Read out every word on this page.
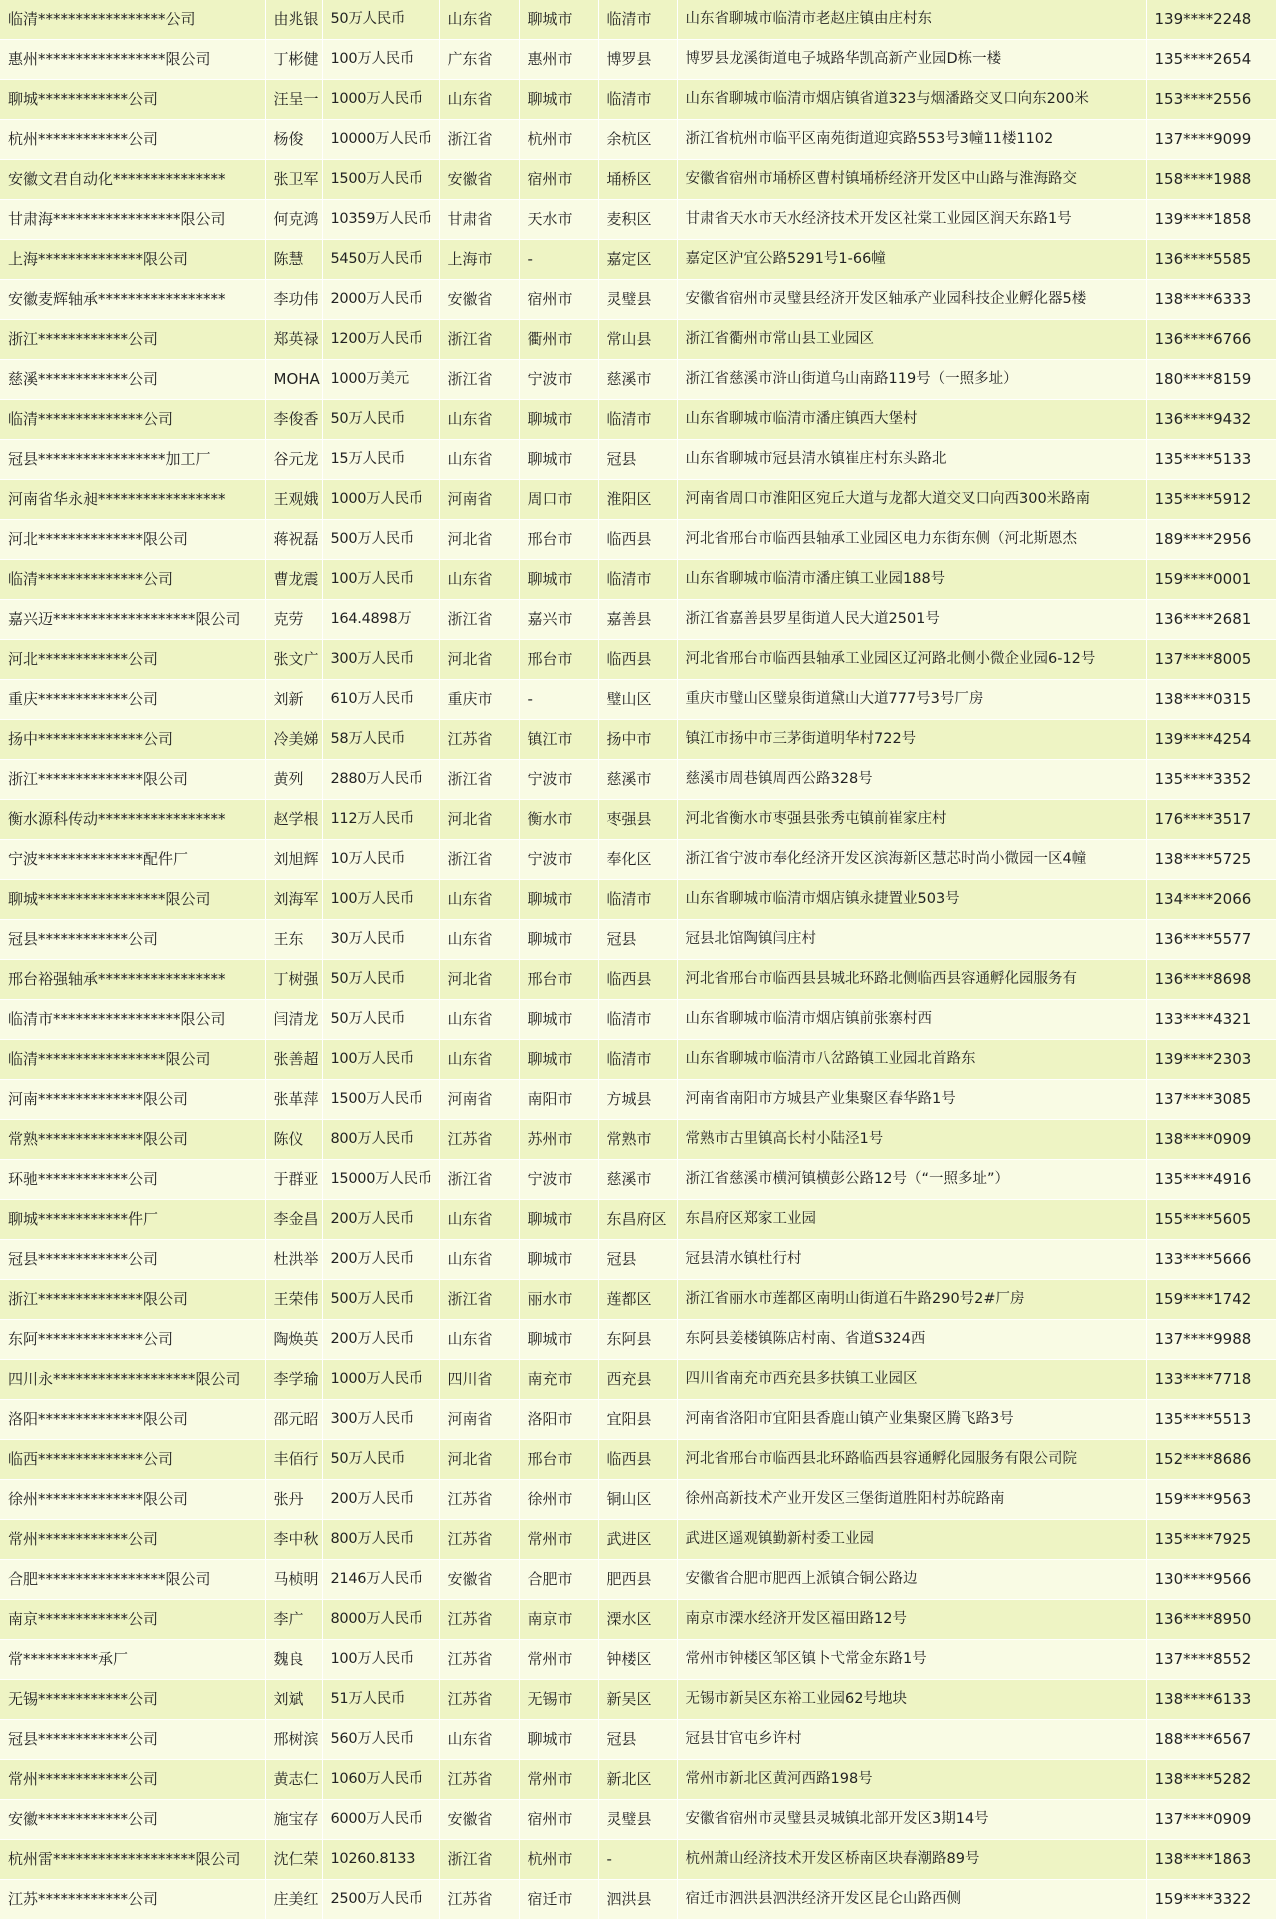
临清*****************公司	由兆银	50万人民币	山东省	聊城市	临清市	山东省聊城市临清市老赵庄镇由庄村东	139****2248
惠州*****************限公司	丁彬健	100万人民币	广东省	惠州市	博罗县	博罗县龙溪街道电子城路华凯高新产业园D栋一楼	135****2654
聊城************公司	汪呈一	1000万人民币	山东省	聊城市	临清市	山东省聊城市临清市烟店镇省道323与烟潘路交叉口向东200米	153****2556
杭州************公司	杨俊	10000万人民币	浙江省	杭州市	余杭区	浙江省杭州市临平区南苑街道迎宾路553号3幢11楼1102	137****9099
安徽文君自动化***************	张卫军	1500万人民币	安徽省	宿州市	埇桥区	安徽省宿州市埇桥区曹村镇埇桥经济开发区中山路与淮海路交	158****1988
甘肃海*****************限公司	何克鸿	10359万人民币	甘肃省	天水市	麦积区	甘肃省天水市天水经济技术开发区社棠工业园区润天东路1号	139****1858
上海**************限公司	陈慧	5450万人民币	上海市	-	嘉定区	嘉定区沪宜公路5291号1-66幢	136****5585
安徽麦辉轴承*****************	李功伟	2000万人民币	安徽省	宿州市	灵璧县	安徽省宿州市灵璧县经济开发区轴承产业园科技企业孵化器5楼	138****6333
浙江************公司	郑英禄	1200万人民币	浙江省	衢州市	常山县	浙江省衢州市常山县工业园区	136****6766
慈溪************公司	MOHA	1000万美元	浙江省	宁波市	慈溪市	浙江省慈溪市浒山街道乌山南路119号（一照多址）	180****8159
临清**************公司	李俊香	50万人民币	山东省	聊城市	临清市	山东省聊城市临清市潘庄镇西大堡村	136****9432
冠县*****************加工厂	谷元龙	15万人民币	山东省	聊城市	冠县	山东省聊城市冠县清水镇崔庄村东头路北	135****5133
河南省华永昶*****************	王观娥	1000万人民币	河南省	周口市	淮阳区	河南省周口市淮阳区宛丘大道与龙都大道交叉口向西300米路南	135****5912
河北**************限公司	蒋祝磊	500万人民币	河北省	邢台市	临西县	河北省邢台市临西县轴承工业园区电力东街东侧（河北斯恩杰	189****2956
临清**************公司	曹龙震	100万人民币	山东省	聊城市	临清市	山东省聊城市临清市潘庄镇工业园188号	159****0001
嘉兴迈*******************限公司	克劳	164.4898万	浙江省	嘉兴市	嘉善县	浙江省嘉善县罗星街道人民大道2501号	136****2681
河北************公司	张文广	300万人民币	河北省	邢台市	临西县	河北省邢台市临西县轴承工业园区辽河路北侧小微企业园6-12号	137****8005
重庆************公司	刘新	610万人民币	重庆市	-	璧山区	重庆市璧山区璧泉街道黛山大道777号3号厂房	138****0315
扬中**************公司	冷美娣	58万人民币	江苏省	镇江市	扬中市	镇江市扬中市三茅街道明华村722号	139****4254
浙江**************限公司	黄列	2880万人民币	浙江省	宁波市	慈溪市	慈溪市周巷镇周西公路328号	135****3352
衡水源科传动*****************	赵学根	112万人民币	河北省	衡水市	枣强县	河北省衡水市枣强县张秀屯镇前崔家庄村	176****3517
宁波**************配件厂	刘旭辉	10万人民币	浙江省	宁波市	奉化区	浙江省宁波市奉化经济开发区滨海新区慧芯时尚小微园一区4幢	138****5725
聊城*****************限公司	刘海军	100万人民币	山东省	聊城市	临清市	山东省聊城市临清市烟店镇永捷置业503号	134****2066
冠县************公司	王东	30万人民币	山东省	聊城市	冠县	冠县北馆陶镇闫庄村	136****5577
邢台裕强轴承*****************	丁树强	50万人民币	河北省	邢台市	临西县	河北省邢台市临西县县城北环路北侧临西县容通孵化园服务有	136****8698
临清市*****************限公司	闫清龙	50万人民币	山东省	聊城市	临清市	山东省聊城市临清市烟店镇前张寨村西	133****4321
临清*****************限公司	张善超	100万人民币	山东省	聊城市	临清市	山东省聊城市临清市八岔路镇工业园北首路东	139****2303
河南**************限公司	张革萍	1500万人民币	河南省	南阳市	方城县	河南省南阳市方城县产业集聚区春华路1号	137****3085
常熟**************限公司	陈仪	800万人民币	江苏省	苏州市	常熟市	常熟市古里镇高长村小陆泾1号	138****0909
环驰************公司	于群亚	15000万人民币	浙江省	宁波市	慈溪市	浙江省慈溪市横河镇横彭公路12号（“一照多址”）	135****4916
聊城************件厂	李金昌	200万人民币	山东省	聊城市	东昌府区	东昌府区郑家工业园	155****5605
冠县************公司	杜洪举	200万人民币	山东省	聊城市	冠县	冠县清水镇杜行村	133****5666
浙江**************限公司	王荣伟	500万人民币	浙江省	丽水市	莲都区	浙江省丽水市莲都区南明山街道石牛路290号2#厂房	159****1742
东阿**************公司	陶焕英	200万人民币	山东省	聊城市	东阿县	东阿县姜楼镇陈店村南、省道S324西	137****9988
四川永*******************限公司	李学瑜	1000万人民币	四川省	南充市	西充县	四川省南充市西充县多扶镇工业园区	133****7718
洛阳**************限公司	邵元昭	300万人民币	河南省	洛阳市	宜阳县	河南省洛阳市宜阳县香鹿山镇产业集聚区腾飞路3号	135****5513
临西**************公司	丰佰行	50万人民币	河北省	邢台市	临西县	河北省邢台市临西县北环路临西县容通孵化园服务有限公司院	152****8686
徐州**************限公司	张丹	200万人民币	江苏省	徐州市	铜山区	徐州高新技术产业开发区三堡街道胜阳村苏皖路南	159****9563
常州************公司	李中秋	800万人民币	江苏省	常州市	武进区	武进区遥观镇勤新村委工业园	135****7925
合肥*****************限公司	马桢明	2146万人民币	安徽省	合肥市	肥西县	安徽省合肥市肥西上派镇合铜公路边	130****9566
南京************公司	李广	8000万人民币	江苏省	南京市	溧水区	南京市溧水经济开发区福田路12号	136****8950
常**********承厂	魏良	100万人民币	江苏省	常州市	钟楼区	常州市钟楼区邹区镇卜弋常金东路1号	137****8552
无锡************公司	刘斌	51万人民币	江苏省	无锡市	新吴区	无锡市新吴区东裕工业园62号地块	138****6133
冠县************公司	邢树滨	560万人民币	山东省	聊城市	冠县	冠县甘官屯乡许村	188****6567
常州************公司	黄志仁	1060万人民币	江苏省	常州市	新北区	常州市新北区黄河西路198号	138****5282
安徽************公司	施宝存	6000万人民币	安徽省	宿州市	灵璧县	安徽省宿州市灵璧县灵城镇北部开发区3期14号	137****0909
杭州雷*******************限公司	沈仁荣	10260.8133	浙江省	杭州市	-	杭州萧山经济技术开发区桥南区块春潮路89号	138****1863
江苏************公司	庄美红	2500万人民币	江苏省	宿迁市	泗洪县	宿迁市泗洪县泗洪经济开发区昆仑山路西侧	159****3322
